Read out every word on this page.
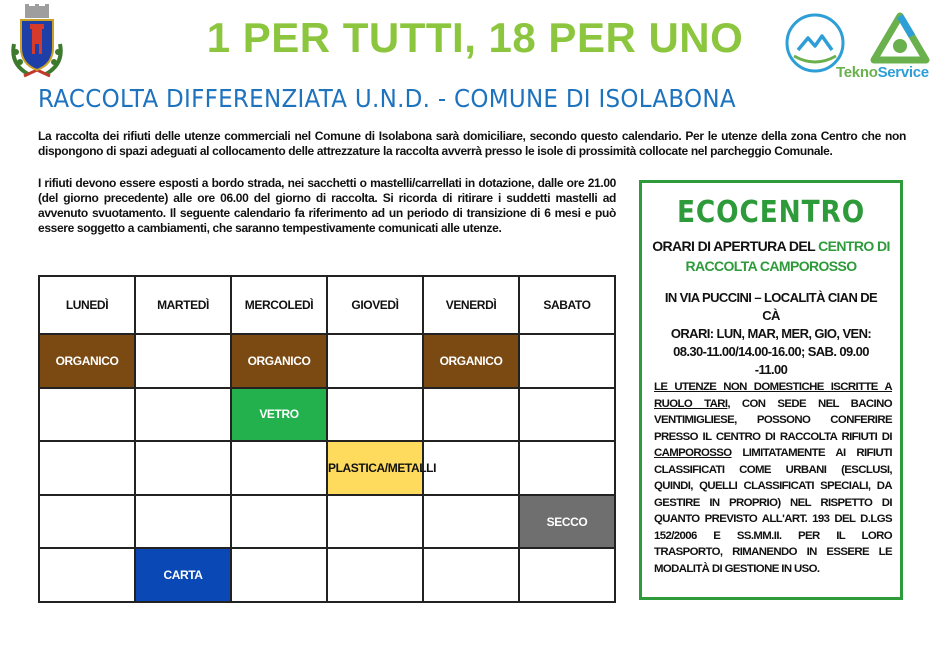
1 PER TUTTI, 18 PER UNO
TeknoService
RACCOLTA DIFFERENZIATA U.N.D. - COMUNE DI ISOLABONA

La raccolta dei rifiuti delle utenze commerciali nel Comune di Isolabona sarà domiciliare, secondo questo calendario. Per le utenze della zona Centro che non dispongono di spazi adeguati al collocamento delle attrezzature la raccolta avverrà presso le isole di prossimità collocate nel parcheggio Comunale.

I rifiuti devono essere esposti a bordo strada, nei sacchetti o mastelli/carrellati in dotazione, dalle ore 21.00 (del giorno precedente) alle ore 06.00 del giorno di raccolta. Si ricorda di ritirare i suddetti mastelli ad avvenuto svuotamento. Il seguente calendario fa riferimento ad un periodo di transizione di 6 mesi e può essere soggetto a cambiamenti, che saranno tempestivamente comunicati alle utenze.

LUNEDÌ	MARTEDÌ	MERCOLEDÌ	GIOVEDÌ	VENERDÌ	SABATO
ORGANICO		ORGANICO		ORGANICO	
		VETRO			
			PLASTICA/METALLI		
					SECCO
	CARTA				
ECOCENTRO

ORARI DI APERTURA DEL CENTRO DI RACCOLTA CAMPOROSSO

IN VIA PUCCINI – LOCALITÀ CIAN DE CÀ
ORARI: LUN, MAR, MER, GIO, VEN: 08.30-11.00/14.00-16.00; SAB. 09.00 -11.00

LE UTENZE NON DOMESTICHE ISCRITTE A RUOLO TARI, CON SEDE NEL BACINO VENTIMIGLIESE, POSSONO CONFERIRE PRESSO IL CENTRO DI RACCOLTA RIFIUTI DI CAMPOROSSO LIMITATAMENTE AI RIFIUTI CLASSIFICATI COME URBANI (ESCLUSI, QUINDI, QUELLI CLASSIFICATI SPECIALI, DA GESTIRE IN PROPRIO) NEL RISPETTO DI QUANTO PREVISTO ALL'ART. 193 DEL D.LGS 152/2006 E SS.MM.II. PER IL LORO TRASPORTO, RIMANENDO IN ESSERE LE MODALITÀ DI GESTIONE IN USO.
